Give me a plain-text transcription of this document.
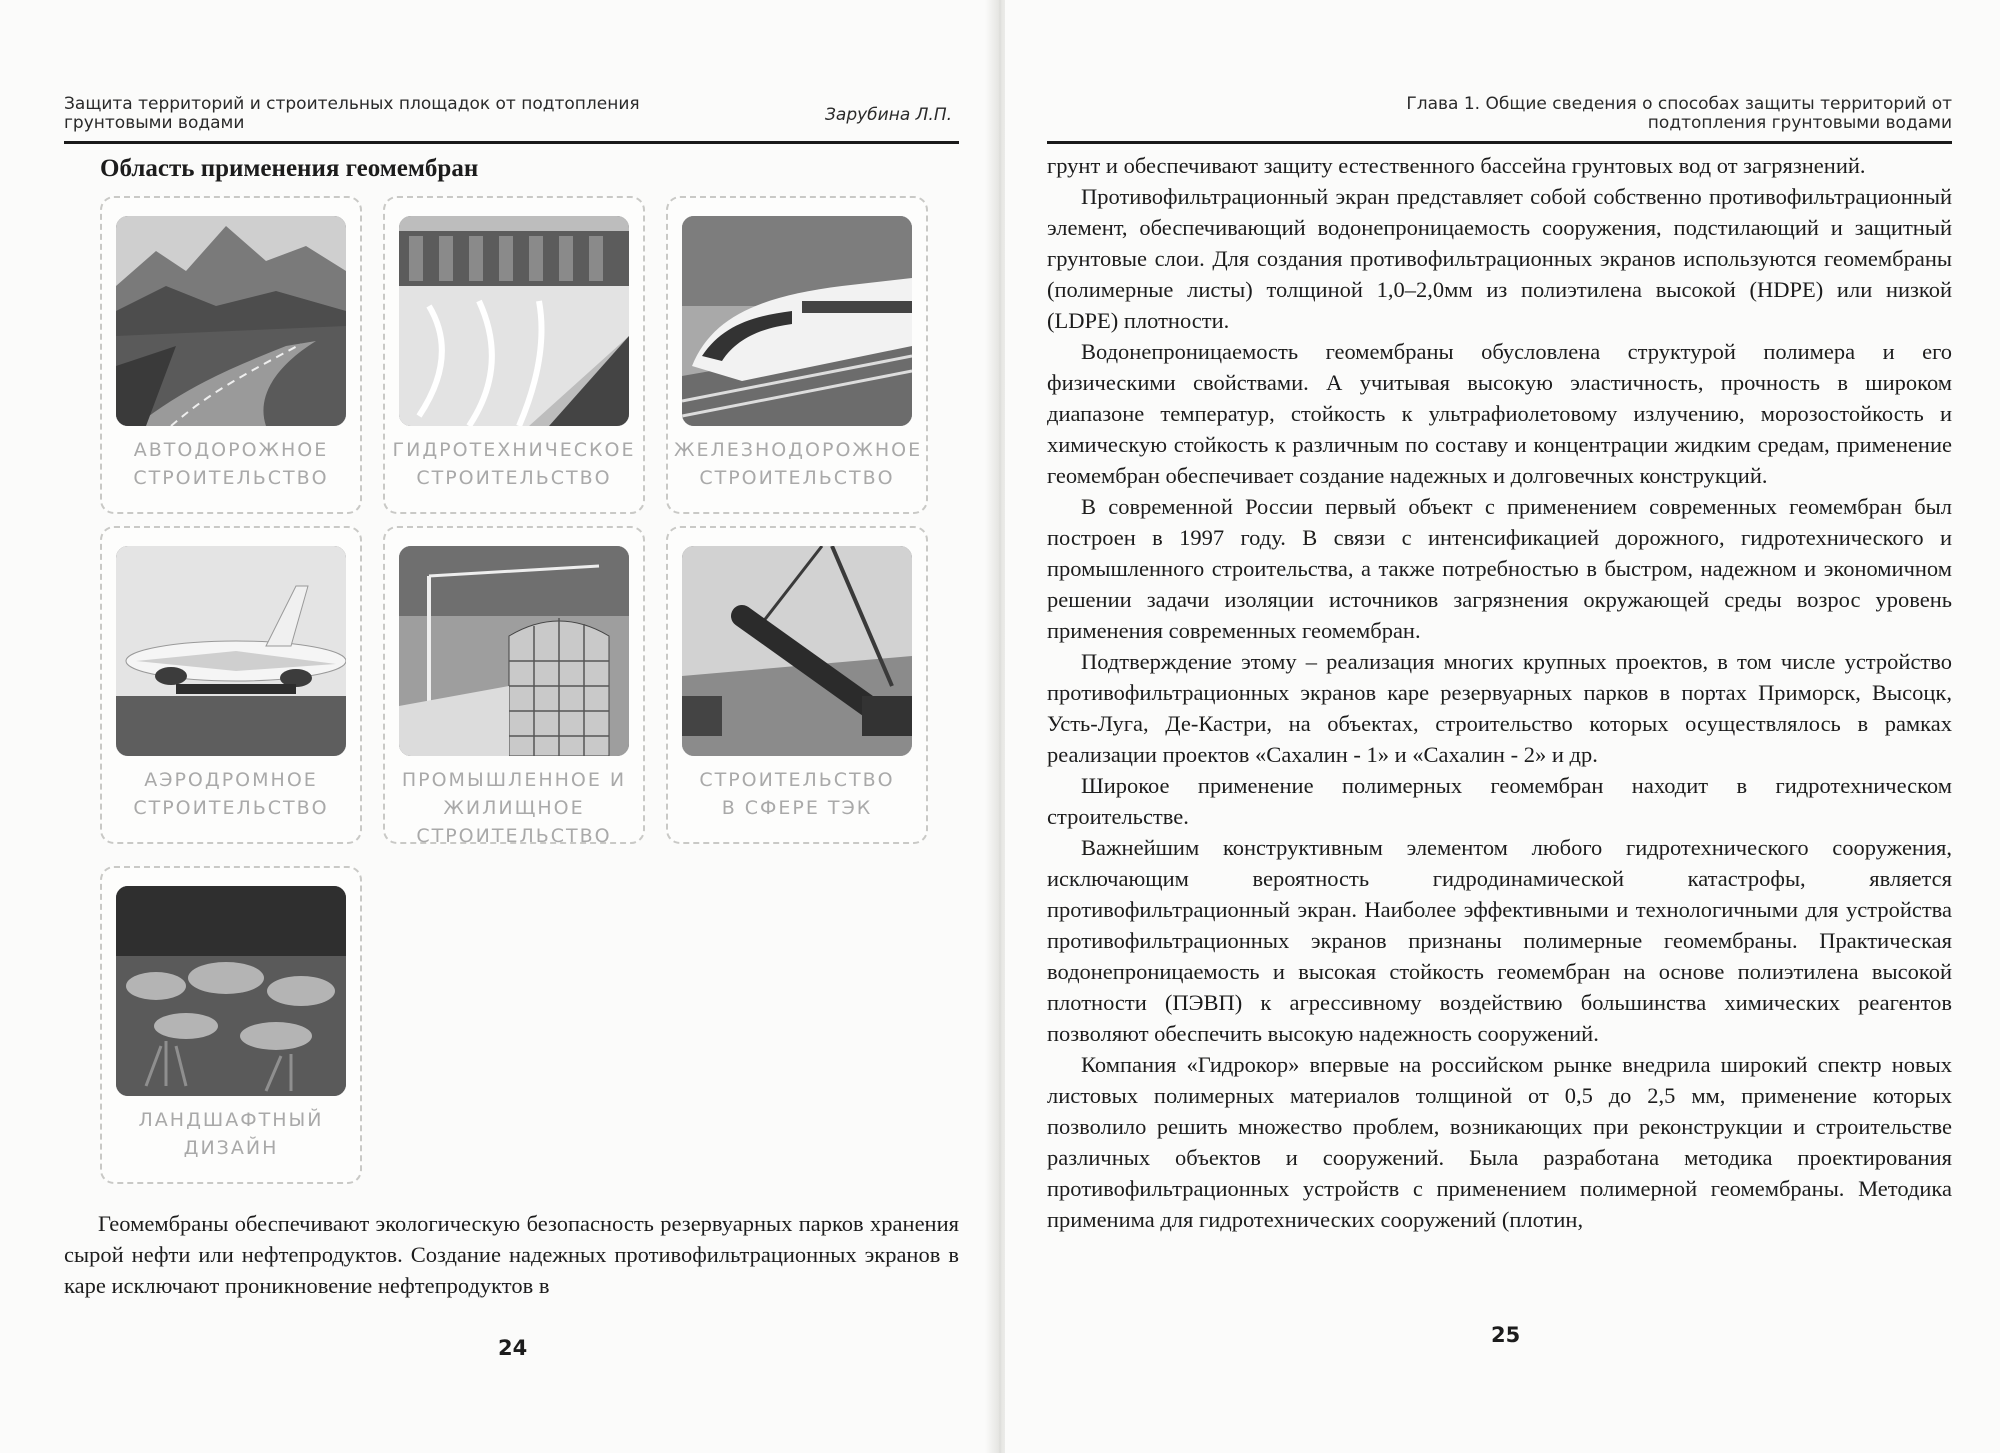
Защита территорий и строительных площадок от подтопления грунтовыми водами	Зарубина Л.П.
Область применения геомембран
АВТОДОРОЖНОЕ
СТРОИТЕЛЬСТВО
ГИДРОТЕХНИЧЕСКОЕ
СТРОИТЕЛЬСТВО
ЖЕЛЕЗНОДОРОЖНОЕ
СТРОИТЕЛЬСТВО
АЭРОДРОМНОЕ
СТРОИТЕЛЬСТВО
ПРОМЫШЛЕННОЕ И
ЖИЛИЩНОЕ
СТРОИТЕЛЬСТВО
СТРОИТЕЛЬСТВО
В СФЕРЕ ТЭК
ЛАНДШАФТНЫЙ
ДИЗАЙН

Геомембраны обеспечивают экологическую безопасность резервуарных парков хранения сырой нефти или нефтепродуктов. Создание надежных противофильтрационных экранов в каре исключают проникновение нефтепродуктов в

24
Глава 1. Общие сведения о способах защиты территорий от подтопления грунтовыми водами

грунт и обеспечивают защиту естественного бассейна грунтовых вод от загрязнений.

Противофильтрационный экран представляет собой собственно противофильтрационный элемент, обеспечивающий водонепроницаемость сооружения, подстилающий и защитный грунтовые слои. Для создания противофильтрационных экранов используются геомембраны (полимерные листы) толщиной 1,0–2,0мм из полиэтилена высокой (HDPE) или низкой (LDPE) плотности.

Водонепроницаемость геомембраны обусловлена структурой полимера и его физическими свойствами. А учитывая высокую эластичность, прочность в широком диапазоне температур, стойкость к ультрафиолетовому излучению, морозостойкость и химическую стойкость к различным по составу и концентрации жидким средам, применение геомембран обеспечивает создание надежных и долговечных конструкций.

В современной России первый объект с применением современных геомембран был построен в 1997 году. В связи с интенсификацией дорожного, гидротехнического и промышленного строительства, а также потребностью в быстром, надежном и экономичном решении задачи изоляции источников загрязнения окружающей среды возрос уровень применения современных геомембран.

Подтверждение этому – реализация многих крупных проектов, в том числе устройство противофильтрационных экранов каре резервуарных парков в портах Приморск, Высоцк, Усть-Луга, Де-Кастри, на объектах, строительство которых осуществлялось в рамках реализации проектов «Сахалин - 1» и «Сахалин - 2» и др.

Широкое применение полимерных геомембран находит в гидротехническом строительстве.

Важнейшим конструктивным элементом любого гидротехнического сооружения, исключающим вероятность гидродинамической катастрофы, является противофильтрационный экран. Наиболее эффективными и технологичными для устройства противофильтрационных экранов признаны полимерные геомембраны. Практическая водонепроницаемость и высокая стойкость геомембран на основе полиэтилена высокой плотности (ПЭВП) к агрессивному воздействию большинства химических реагентов позволяют обеспечить высокую надежность сооружений.

Компания «Гидрокор» впервые на российском рынке внедрила широкий спектр новых листовых полимерных материалов толщиной от 0,5 до 2,5 мм, применение которых позволило решить множество проблем, возникающих при реконструкции и строительстве различных объектов и сооружений. Была разработана методика проектирования противофильтрационных устройств с применением полимерной геомембраны. Методика применима для гидротехнических сооружений (плотин,

25
